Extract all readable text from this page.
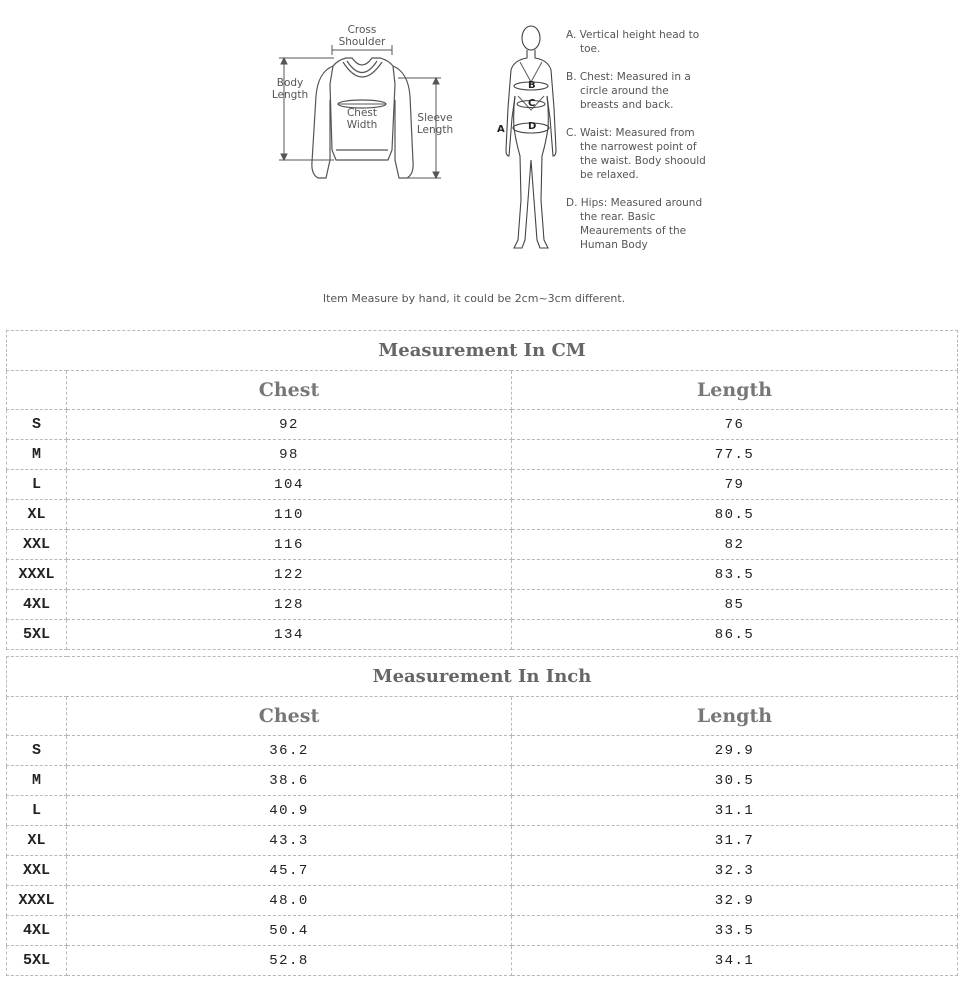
Cross
Shoulder
Body
Length
Chest
Width
Sleeve
Length	A
B
C
D
A. Vertical height head to toe.
B. Chest: Measured in a circle around the breasts and back.
C. Waist: Measured from the narrowest point of the waist. Body shoould be relaxed.
D. Hips: Measured around the rear. Basic Meaurements of the Human Body
Item Measure by hand, it could be 2cm~3cm different.
Measurement In CM		
	Chest	Length
S	92	76
M	98	77.5
L	104	79
XL	110	80.5
XXL	116	82
XXXL	122	83.5
4XL	128	85
5XL	134	86.5
Measurement In Inch		
	Chest	Length
S	36.2	29.9
M	38.6	30.5
L	40.9	31.1
XL	43.3	31.7
XXL	45.7	32.3
XXXL	48.0	32.9
4XL	50.4	33.5
5XL	52.8	34.1
